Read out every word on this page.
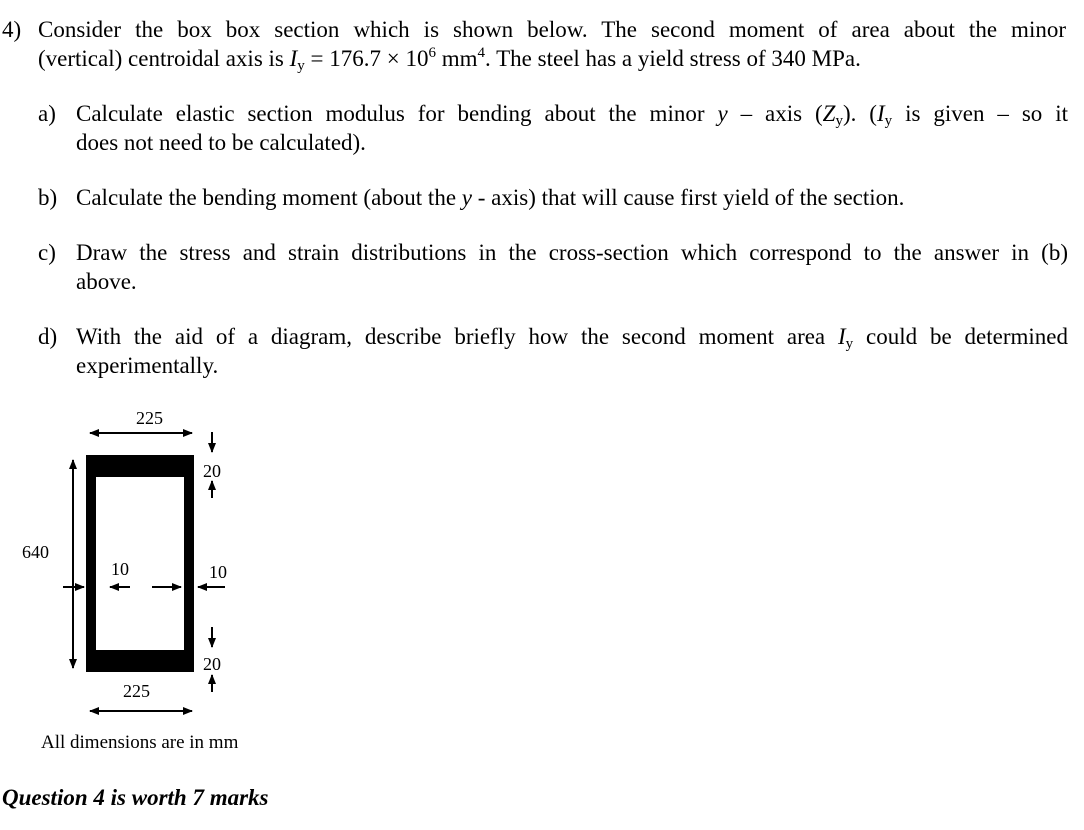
4) Consider the box box section which is shown below. The second moment of area about the minor
(vertical) centroidal axis is $I_y = 176.7 \times 10^6$ $mm^4$. The steel has a yield stress of 340 MPa.
a) Calculate elastic section modulus for bending about the minor y – axis $(Z_y)$. ($I_y$ is given – so it
does not need to be calculated).
b) Calculate the bending moment (about the y - axis) that will cause first yield of the section.
c) Draw the stress and strain distributions in the cross-section which correspond to the answer in (b)
above.
d) With the aid of a diagram, describe briefly how the second moment area $I_y$ could be determined
experimentally.
225
225
640
20
20
10	10
All dimensions are in mm
Question 4 is worth 7 marks
